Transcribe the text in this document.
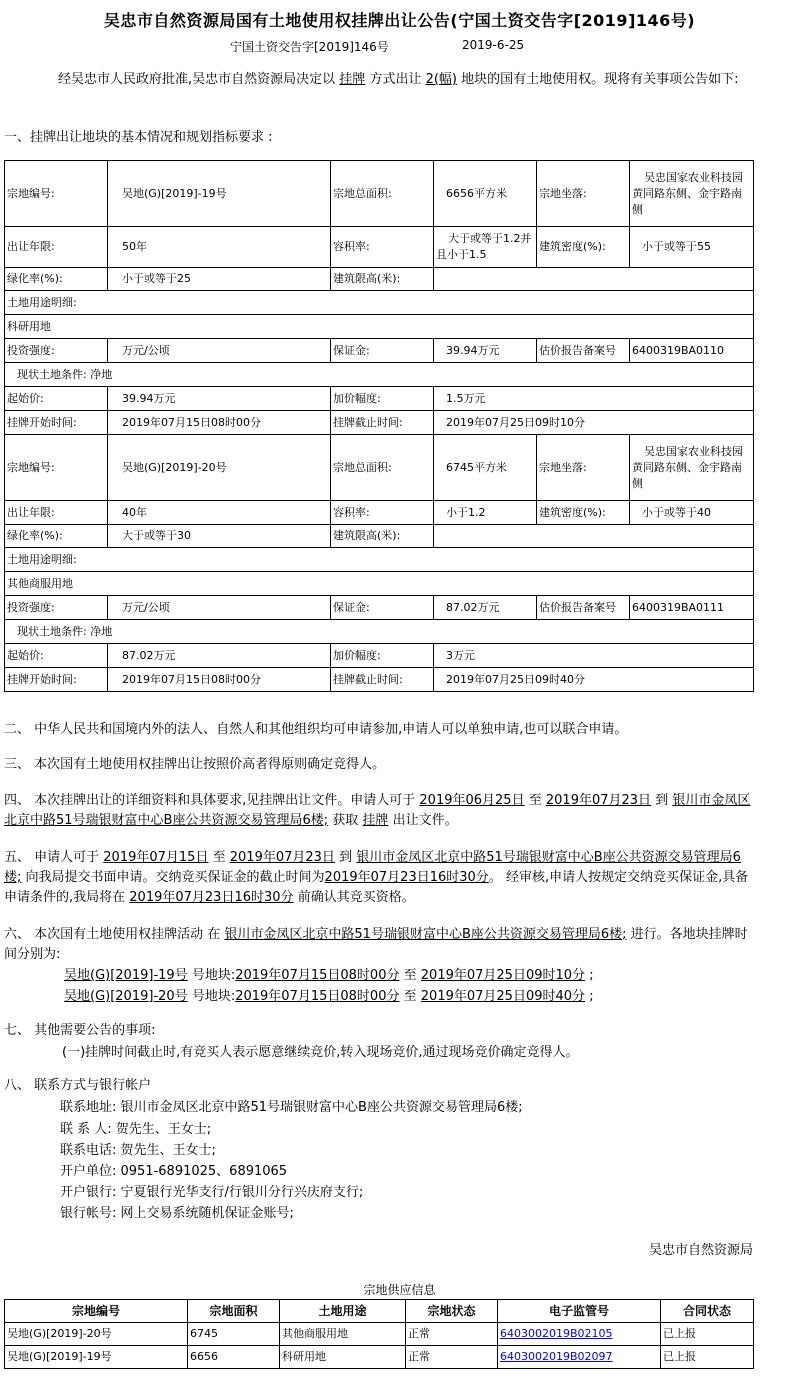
吴忠市自然资源局国有土地使用权挂牌出让公告(宁国土资交告字[2019]146号)
宁国土资交告字[2019]146号	2019-6-25
经吴忠市人民政府批准,吴忠市自然资源局决定以 挂牌 方式出让 2(幅) 地块的国有土地使用权。现将有关事项公告如下:
一、挂牌出让地块的基本情况和规划指标要求 :
宗地编号:	吴地(G)[2019]-19号	宗地总面积:	6656平方米	宗地坐落:	吴忠国家农业科技园黄同路东侧、金宇路南侧
出让年限:	50年	容积率:	大于或等于1.2并且小于1.5	建筑密度(%):	小于或等于55
绿化率(%):	小于或等于25	建筑限高(米):			
土地用途明细:					
科研用地					
投资强度:	万元/公顷	保证金:	39.94万元	估价报告备案号	6400319BA0110
现状土地条件: 净地					
起始价:	39.94万元	加价幅度:	1.5万元		
挂牌开始时间:	2019年07月15日08时00分	挂牌截止时间:	2019年07月25日09时10分		
宗地编号:	吴地(G)[2019]-20号	宗地总面积:	6745平方米	宗地坐落:	吴忠国家农业科技园黄同路东侧、金宇路南侧
出让年限:	40年	容积率:	小于1.2	建筑密度(%):	小于或等于40
绿化率(%):	大于或等于30	建筑限高(米):			
土地用途明细:					
其他商服用地					
投资强度:	万元/公顷	保证金:	87.02万元	估价报告备案号	6400319BA0111
现状土地条件: 净地					
起始价:	87.02万元	加价幅度:	3万元		
挂牌开始时间:	2019年07月15日08时00分	挂牌截止时间:	2019年07月25日09时40分		
二、 中华人民共和国境内外的法人、自然人和其他组织均可申请参加,申请人可以单独申请,也可以联合申请。
三、 本次国有土地使用权挂牌出让按照价高者得原则确定竞得人。
四、 本次挂牌出让的详细资料和具体要求,见挂牌出让文件。申请人可于 2019年06月25日 至 2019年07月23日 到 银川市金凤区北京中路51号瑞银财富中心B座公共资源交易管理局6楼; 获取 挂牌 出让文件。
五、 申请人可于 2019年07月15日 至 2019年07月23日 到 银川市金凤区北京中路51号瑞银财富中心B座公共资源交易管理局6楼; 向我局提交书面申请。交纳竞买保证金的截止时间为2019年07月23日16时30分。 经审核,申请人按规定交纳竞买保证金,具备申请条件的,我局将在 2019年07月23日16时30分 前确认其竞买资格。
六、 本次国有土地使用权挂牌活动 在 银川市金凤区北京中路51号瑞银财富中心B座公共资源交易管理局6楼; 进行。各地块挂牌时间分别为:
吴地(G)[2019]-19号 号地块:2019年07月15日08时00分 至 2019年07月25日09时10分 ;
吴地(G)[2019]-20号 号地块:2019年07月15日08时00分 至 2019年07月25日09时40分 ;
七、 其他需要公告的事项:
(一)挂牌时间截止时,有竞买人表示愿意继续竞价,转入现场竞价,通过现场竞价确定竞得人。
八、 联系方式与银行帐户
联系地址: 银川市金凤区北京中路51号瑞银财富中心B座公共资源交易管理局6楼;
联 系 人: 贺先生、王女士;
联系电话: 贺先生、王女士;
开户单位: 0951-6891025、6891065
开户银行: 宁夏银行光华支行/行银川分行兴庆府支行;
银行帐号: 网上交易系统随机保证金账号;
吴忠市自然资源局
宗地供应信息
宗地编号	宗地面积	土地用途	宗地状态	电子监管号	合同状态
吴地(G)[2019]-20号	6745	其他商服用地	正常	6403002019B02105	已上报
吴地(G)[2019]-19号	6656	科研用地	正常	6403002019B02097	已上报
